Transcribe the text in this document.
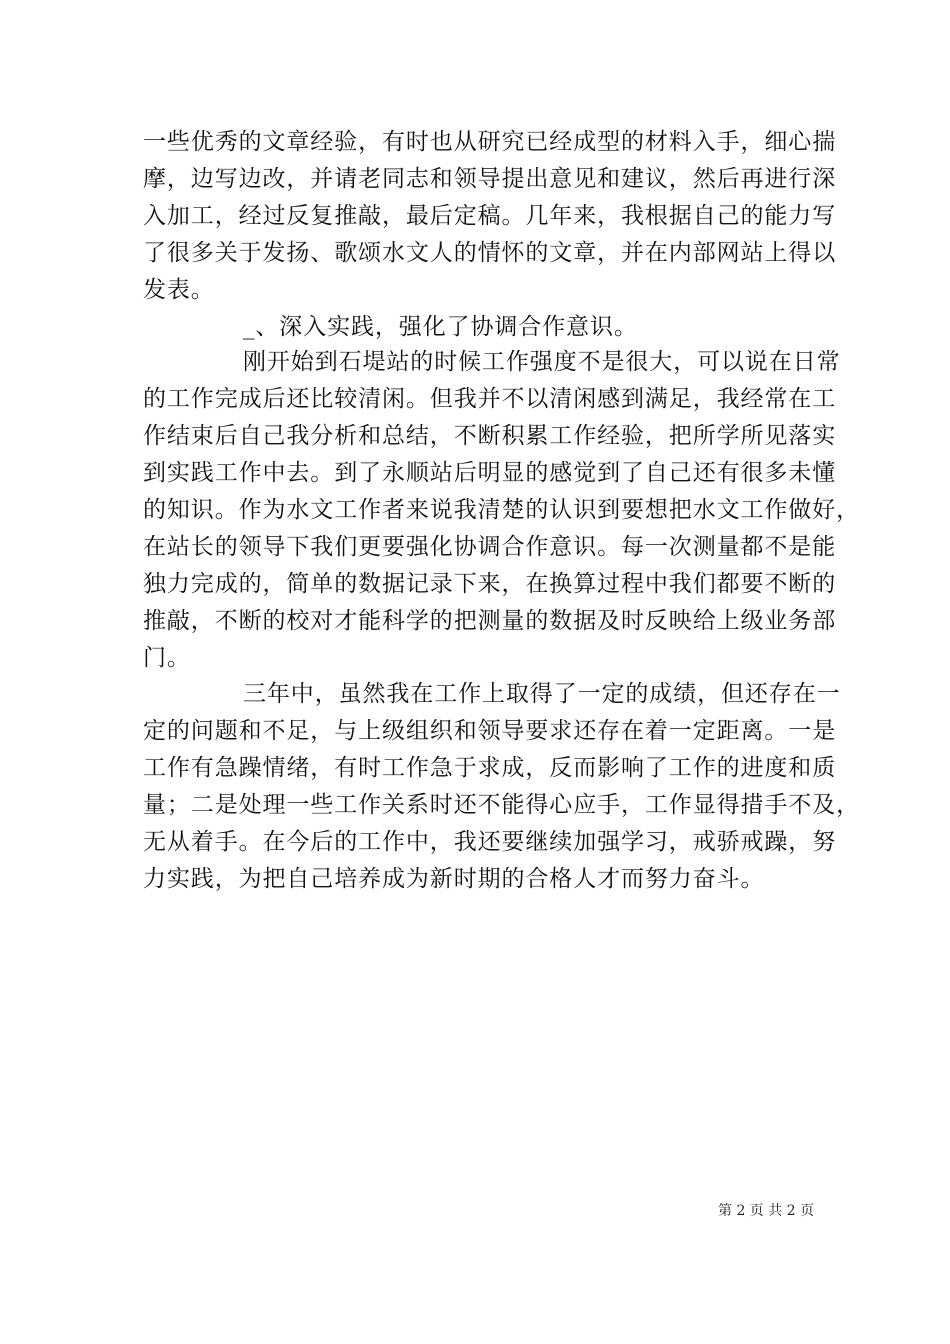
一些优秀的文章经验，有时也从研究已经成型的材料入手，细心揣
摩，边写边改，并请老同志和领导提出意见和建议，然后再进行深
入加工，经过反复推敲，最后定稿。几年来，我根据自己的能力写
了很多关于发扬、歌颂水文人的情怀的文章，并在内部网站上得以
发表。
_、深入实践，强化了协调合作意识。
刚开始到石堤站的时候工作强度不是很大，可以说在日常
的工作完成后还比较清闲。但我并不以清闲感到满足，我经常在工
作结束后自己我分析和总结，不断积累工作经验，把所学所见落实
到实践工作中去。到了永顺站后明显的感觉到了自己还有很多未懂
的知识。作为水文工作者来说我清楚的认识到要想把水文工作做好，
在站长的领导下我们更要强化协调合作意识。每一次测量都不是能
独力完成的，简单的数据记录下来，在换算过程中我们都要不断的
推敲，不断的校对才能科学的把测量的数据及时反映给上级业务部
门。
三年中，虽然我在工作上取得了一定的成绩，但还存在一
定的问题和不足，与上级组织和领导要求还存在着一定距离。一是
工作有急躁情绪，有时工作急于求成，反而影响了工作的进度和质
量；二是处理一些工作关系时还不能得心应手，工作显得措手不及，
无从着手。在今后的工作中，我还要继续加强学习，戒骄戒躁，努
力实践，为把自己培养成为新时期的合格人才而努力奋斗。
第 2 页 共 2 页
